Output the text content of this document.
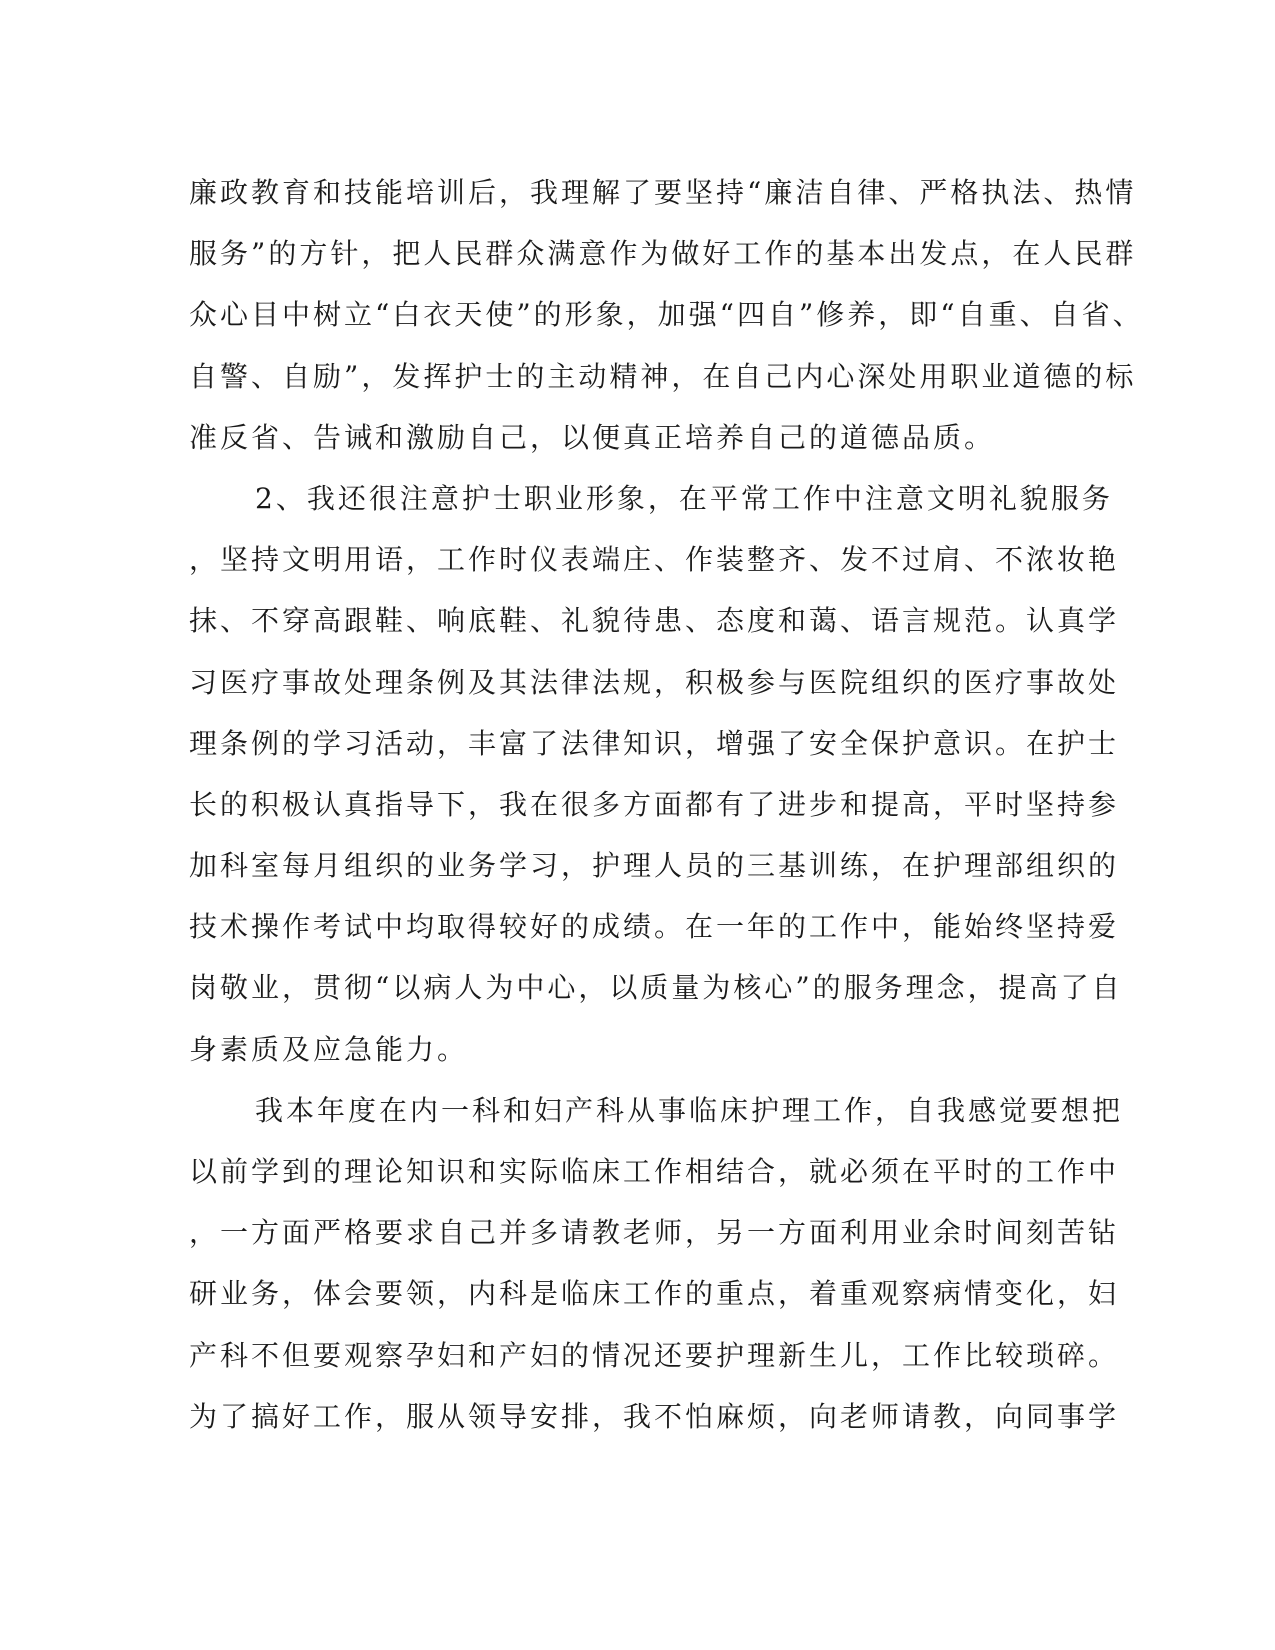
廉政教育和技能培训后，我理解了要坚持“廉洁自律、严格执法、热情
服务”的方针，把人民群众满意作为做好工作的基本出发点，在人民群
众心目中树立“白衣天使”的形象，加强“四自”修养，即“自重、自省、
自警、自励”，发挥护士的主动精神，在自己内心深处用职业道德的标
准反省、告诫和激励自己，以便真正培养自己的道德品质。
2、我还很注意护士职业形象，在平常工作中注意文明礼貌服务
，坚持文明用语，工作时仪表端庄、作装整齐、发不过肩、不浓妆艳
抹、不穿高跟鞋、响底鞋、礼貌待患、态度和蔼、语言规范。认真学
习医疗事故处理条例及其法律法规，积极参与医院组织的医疗事故处
理条例的学习活动，丰富了法律知识，增强了安全保护意识。在护士
长的积极认真指导下，我在很多方面都有了进步和提高，平时坚持参
加科室每月组织的业务学习，护理人员的三基训练，在护理部组织的
技术操作考试中均取得较好的成绩。在一年的工作中，能始终坚持爱
岗敬业，贯彻“以病人为中心，以质量为核心”的服务理念，提高了自
身素质及应急能力。
我本年度在内一科和妇产科从事临床护理工作，自我感觉要想把
以前学到的理论知识和实际临床工作相结合，就必须在平时的工作中
，一方面严格要求自己并多请教老师，另一方面利用业余时间刻苦钻
研业务，体会要领，内科是临床工作的重点，着重观察病情变化，妇
产科不但要观察孕妇和产妇的情况还要护理新生儿，工作比较琐碎。
为了搞好工作，服从领导安排，我不怕麻烦，向老师请教，向同事学
